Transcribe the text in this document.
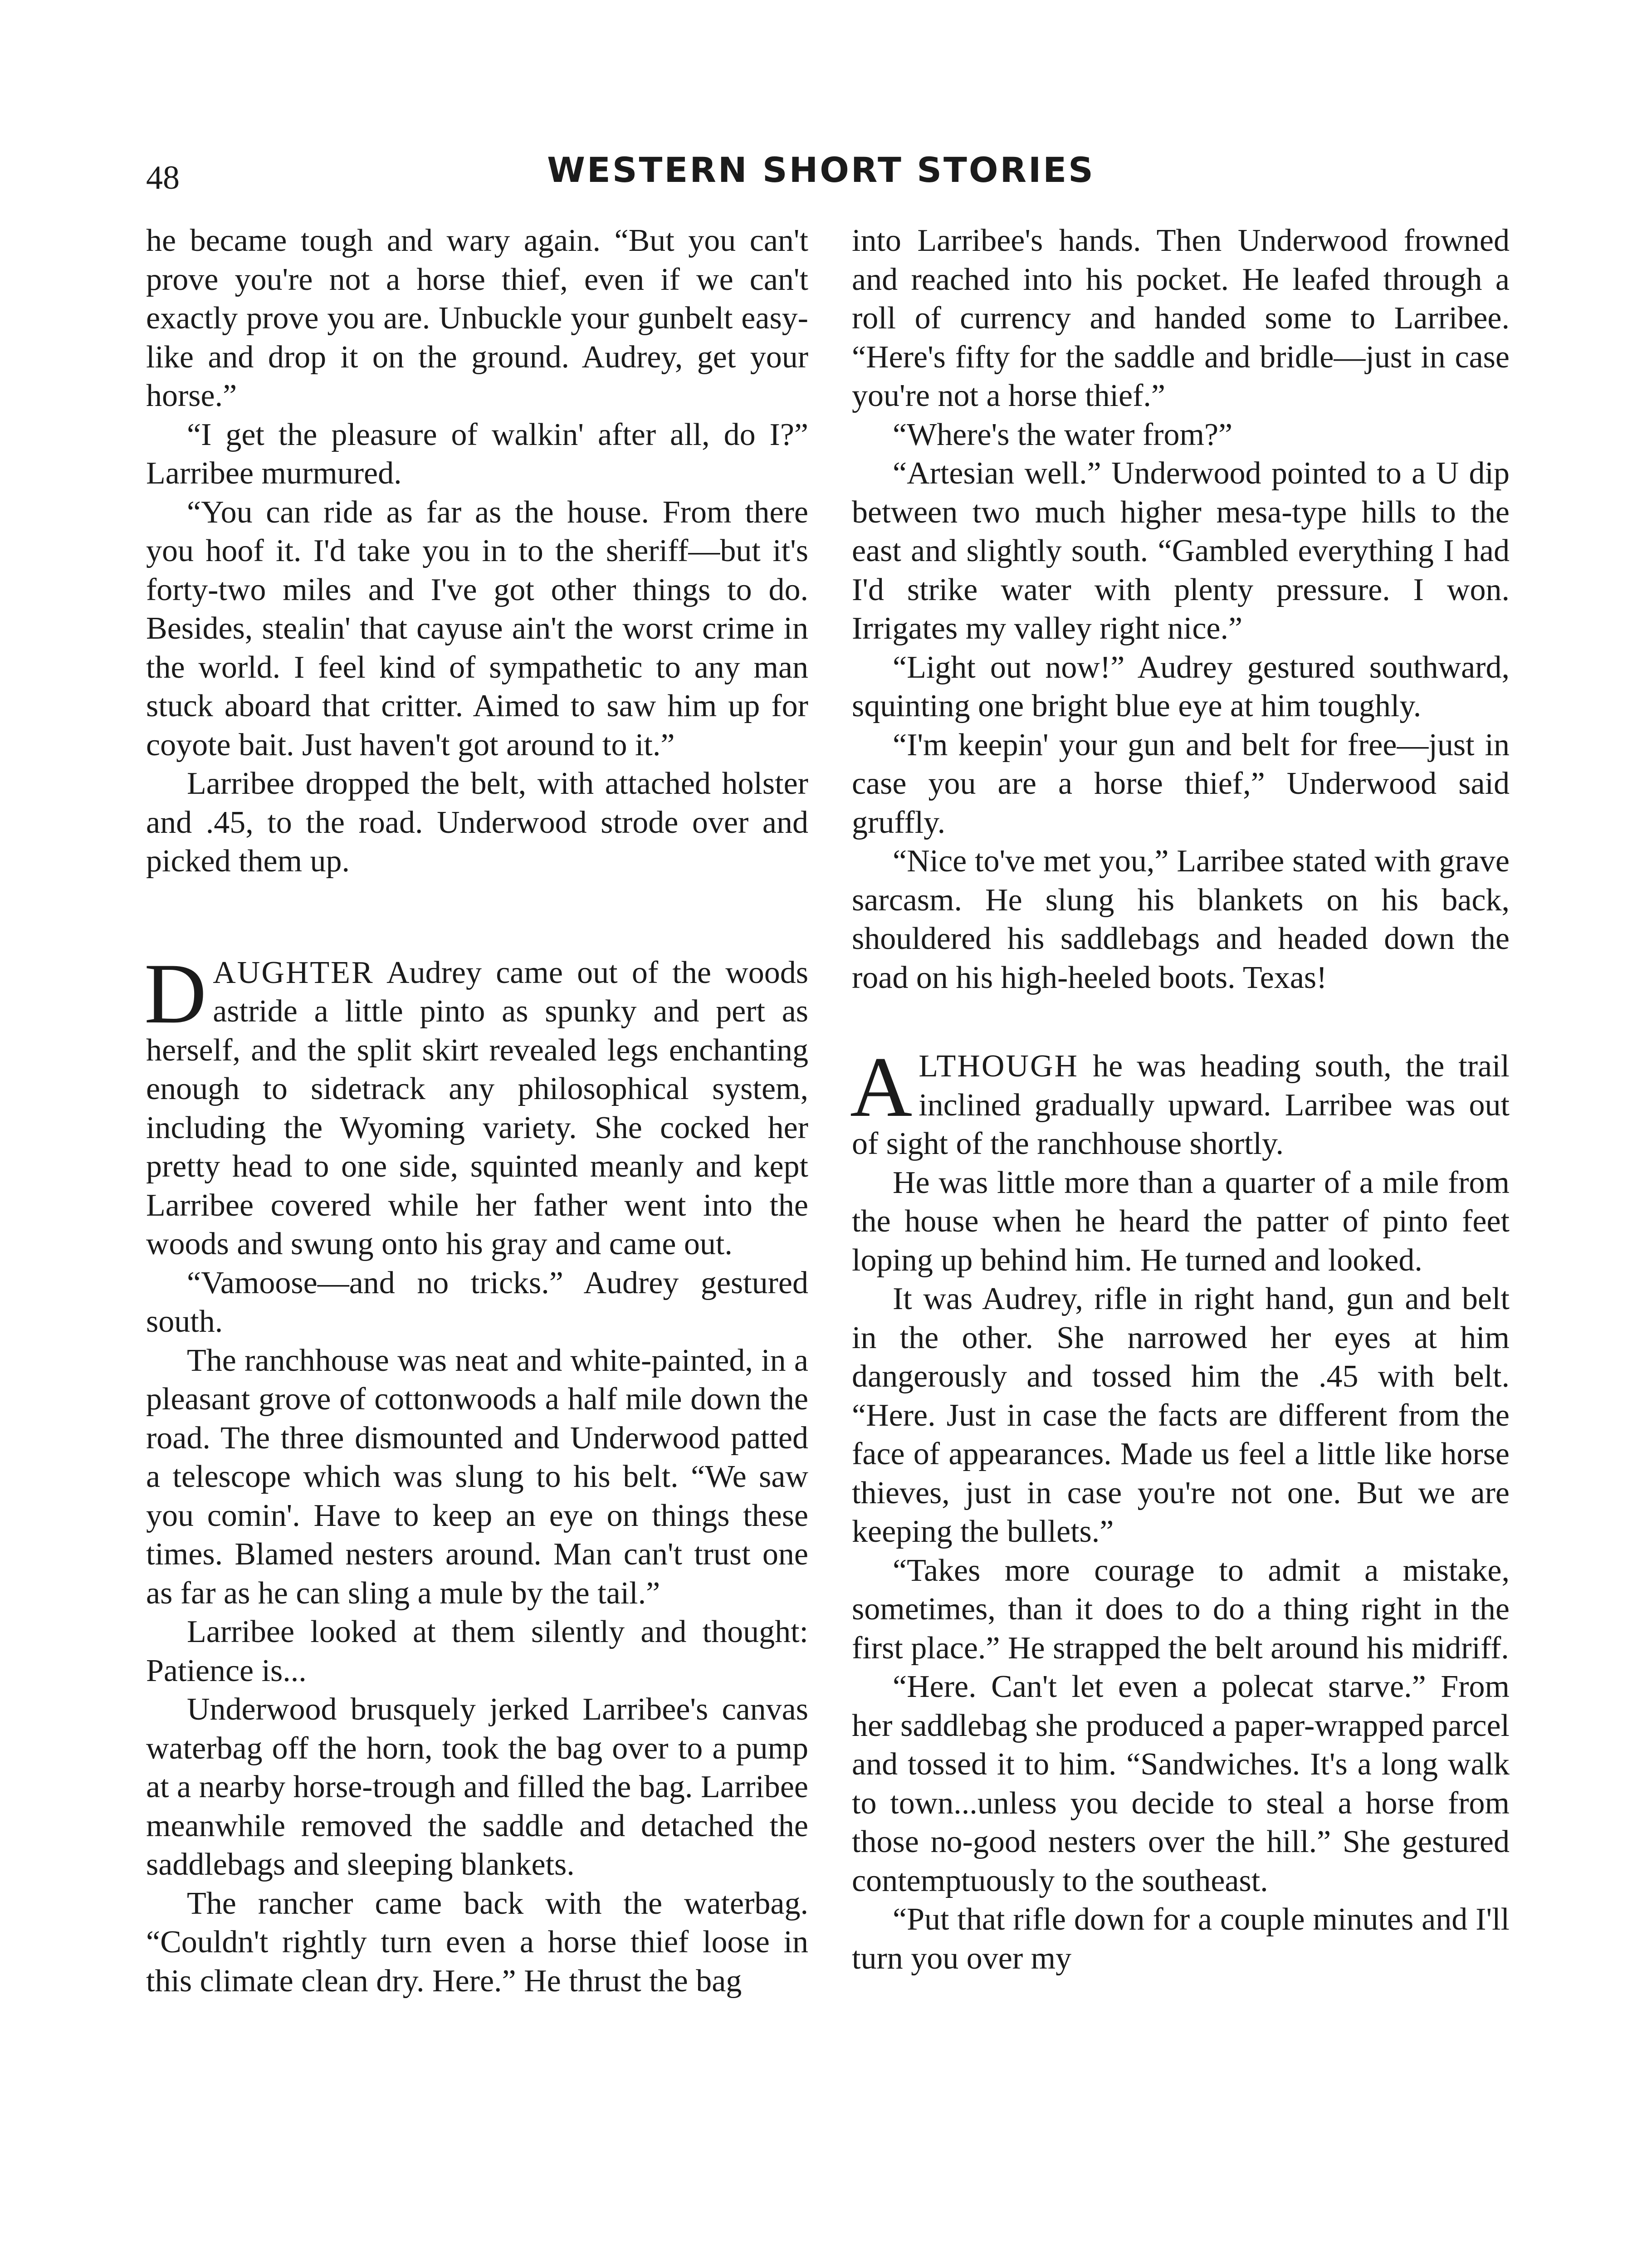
48	WESTERN SHORT STORIES

he became tough and wary again. “But you can't prove you're not a horse thief, even if we can't exactly prove you are. Unbuckle your gunbelt easy-like and drop it on the ground. Audrey, get your horse.”

“I get the pleasure of walkin' after all, do I?” Larribee murmured.

“You can ride as far as the house. From there you hoof it. I'd take you in to the sheriff—but it's forty-two miles and I've got other things to do. Besides, stealin' that cayuse ain't the worst crime in the world. I feel kind of sympathetic to any man stuck aboard that critter. Aimed to saw him up for coyote bait. Just haven't got around to it.”

Larribee dropped the belt, with attached holster and .45, to the road. Underwood strode over and picked them up.

DAUGHTER Audrey came out of the woods astride a little pinto as spunky and pert as herself, and the split skirt revealed legs enchanting enough to sidetrack any philosophical system, including the Wyoming variety. She cocked her pretty head to one side, squinted meanly and kept Larribee covered while her father went into the woods and swung onto his gray and came out.

“Vamoose—and no tricks.” Audrey gestured south.

The ranchhouse was neat and white-painted, in a pleasant grove of cottonwoods a half mile down the road. The three dismounted and Underwood patted a telescope which was slung to his belt. “We saw you comin'. Have to keep an eye on things these times. Blamed nesters around. Man can't trust one as far as he can sling a mule by the tail.”

Larribee looked at them silently and thought: Patience is...

Underwood brusquely jerked Larribee's canvas waterbag off the horn, took the bag over to a pump at a nearby horse-trough and filled the bag. Larribee meanwhile removed the saddle and detached the saddlebags and sleeping blankets.

The rancher came back with the waterbag. “Couldn't rightly turn even a horse thief loose in this climate clean dry. Here.” He thrust the bag

into Larribee's hands. Then Underwood frowned and reached into his pocket. He leafed through a roll of currency and handed some to Larribee. “Here's fifty for the saddle and bridle—just in case you're not a horse thief.”

“Where's the water from?”

“Artesian well.” Underwood pointed to a U dip between two much higher mesa-type hills to the east and slightly south. “Gambled everything I had I'd strike water with plenty pressure. I won. Irrigates my valley right nice.”

“Light out now!” Audrey gestured southward, squinting one bright blue eye at him toughly.

“I'm keepin' your gun and belt for free—just in case you are a horse thief,” Underwood said gruffly.

“Nice to've met you,” Larribee stated with grave sarcasm. He slung his blankets on his back, shouldered his saddlebags and headed down the road on his high-heeled boots. Texas!

ALTHOUGH he was heading south, the trail inclined gradually upward. Larribee was out of sight of the ranchhouse shortly.

He was little more than a quarter of a mile from the house when he heard the patter of pinto feet loping up behind him. He turned and looked.

It was Audrey, rifle in right hand, gun and belt in the other. She narrowed her eyes at him dangerously and tossed him the .45 with belt. “Here. Just in case the facts are different from the face of appearances. Made us feel a little like horse thieves, just in case you're not one. But we are keeping the bullets.”

“Takes more courage to admit a mistake, sometimes, than it does to do a thing right in the first place.” He strapped the belt around his midriff.

“Here. Can't let even a polecat starve.” From her saddlebag she produced a paper-wrapped parcel and tossed it to him. “Sandwiches. It's a long walk to town...unless you decide to steal a horse from those no-good nesters over the hill.” She gestured contemptuously to the southeast.

“Put that rifle down for a couple minutes and I'll turn you over my
